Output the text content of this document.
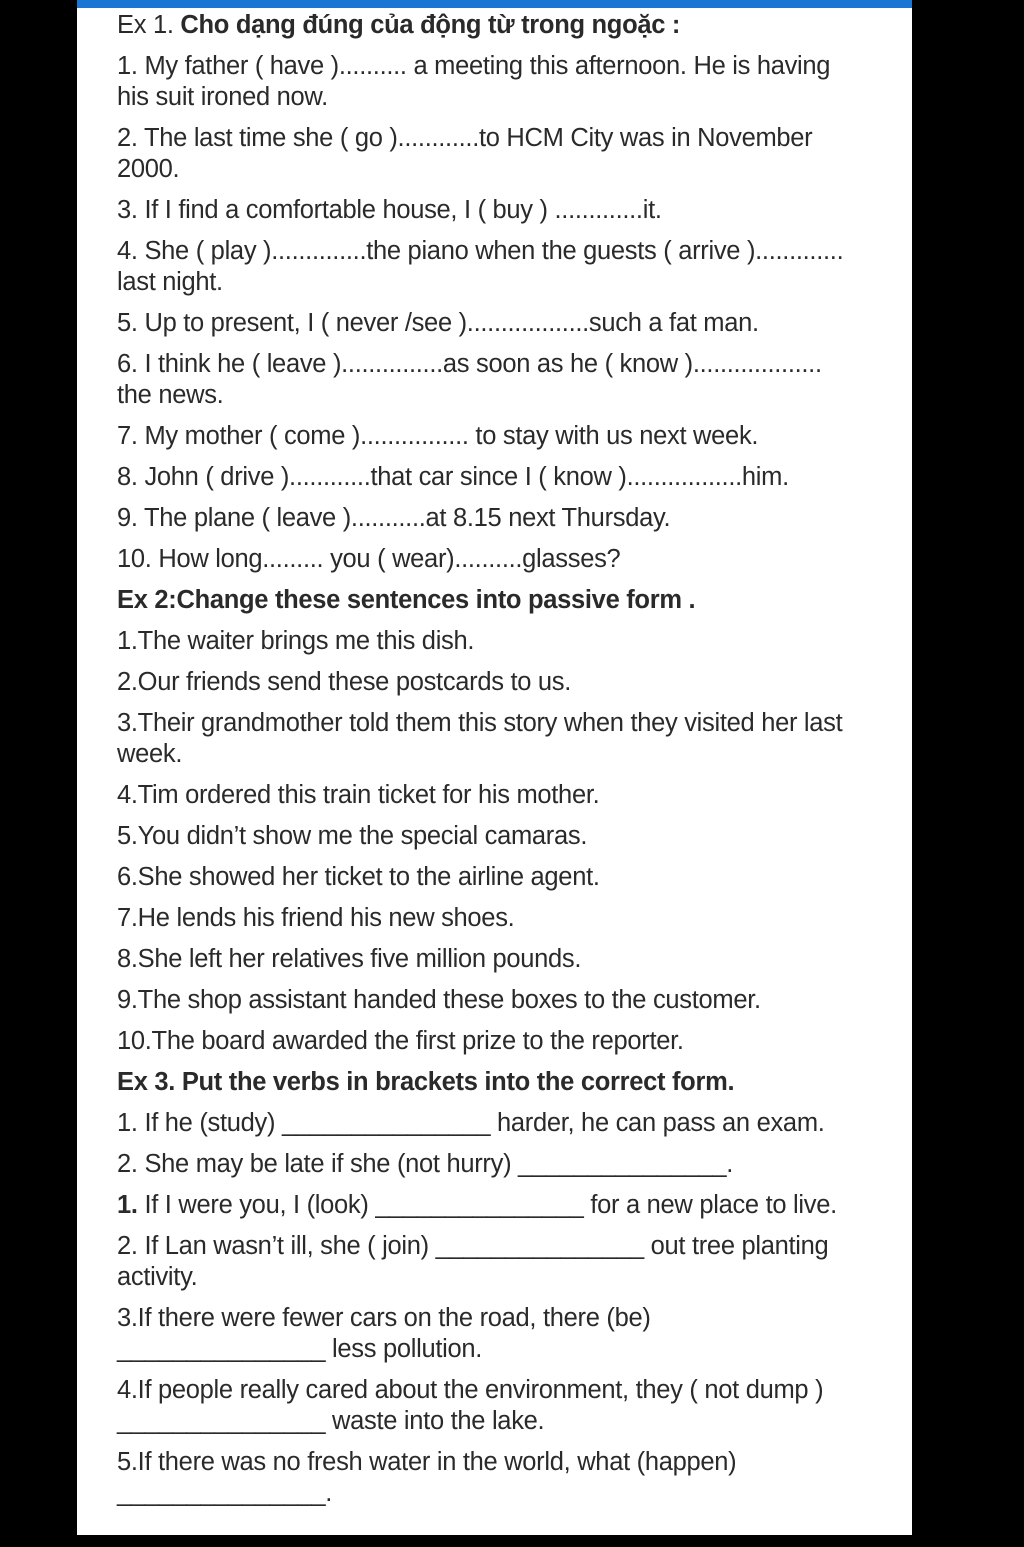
Ex 1. Cho dạng đúng của động từ trong ngoặc :
1. My father ( have ).......... a meeting this afternoon. He is having his suit ironed now.
2. The last time she ( go )............to HCM City was in November 2000.
3. If I find a comfortable house, I ( buy ) .............it.
4. She ( play )..............the piano when the guests ( arrive )............. last night.
5. Up to present, I ( never /see )..................such a fat man.
6. I think he ( leave )...............as soon as he ( know )................... the news.
7. My mother ( come )................ to stay with us next week.
8. John ( drive )............that car since I ( know ).................him.
9. The plane ( leave )...........at 8.15 next Thursday.
10. How long......... you ( wear)..........glasses?
Ex 2:Change these sentences into passive form .
1.The waiter brings me this dish.
2.Our friends send these postcards to us.
3.Their grandmother told them this story when they visited her last week.
4.Tim ordered this train ticket for his mother.
5.You didn’t show me the special camaras.
6.She showed her ticket to the airline agent.
7.He lends his friend his new shoes.
8.She left her relatives five million pounds.
9.The shop assistant handed these boxes to the customer.
10.The board awarded the first prize to the reporter.
Ex 3. Put the verbs in brackets into the correct form.
1. If he (study) _______________ harder, he can pass an exam.
2. She may be late if she (not hurry) _______________.
1. If I were you, I (look) _______________ for a new place to live.
2. If Lan wasn’t ill, she ( join) _______________ out tree planting activity.
3.If there were fewer cars on the road, there (be) _______________ less pollution.
4.If people really cared about the environment, they ( not dump ) _______________ waste into the lake.
5.If there was no fresh water in the world, what (happen) _______________.
